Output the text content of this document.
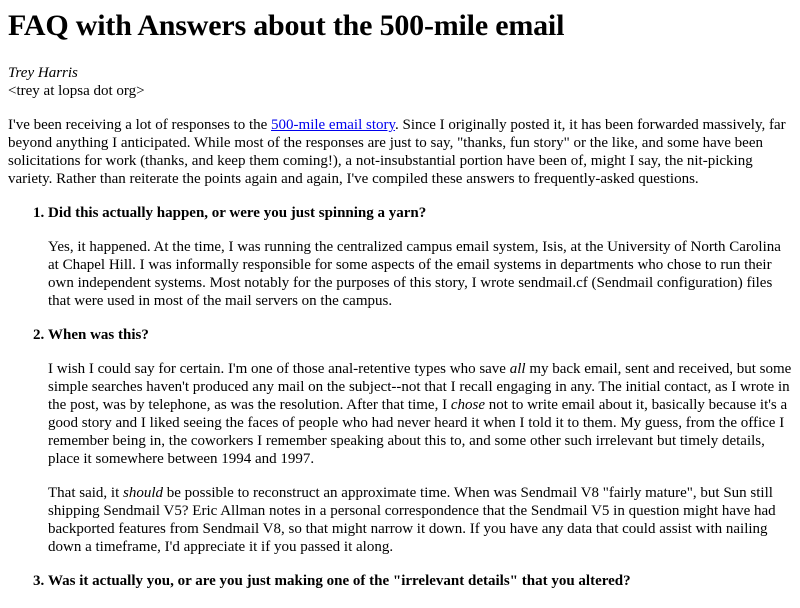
FAQ with Answers about the 500-mile email
Trey Harris
<trey at lopsa dot org>

I've been receiving a lot of responses to the 500-mile email story. Since I originally posted it, it has been forwarded massively, far beyond anything I anticipated. While most of the responses are just to say, "thanks, fun story" or the like, and some have been solicitations for work (thanks, and keep them coming!), a not-insubstantial portion have been of, might I say, the nit-picking variety. Rather than reiterate the points again and again, I've compiled these answers to frequently-asked questions.

1. Did this actually happen, or were you just spinning a yarn?

Yes, it happened. At the time, I was running the centralized campus email system, Isis, at the University of North Carolina at Chapel Hill. I was informally responsible for some aspects of the email systems in departments who chose to run their own independent systems. Most notably for the purposes of this story, I wrote sendmail.cf (Sendmail configuration) files that were used in most of the mail servers on the campus.

2. When was this?

I wish I could say for certain. I'm one of those anal-retentive types who save all my back email, sent and received, but some simple searches haven't produced any mail on the subject--not that I recall engaging in any. The initial contact, as I wrote in the post, was by telephone, as was the resolution. After that time, I chose not to write email about it, basically because it's a good story and I liked seeing the faces of people who had never heard it when I told it to them. My guess, from the office I remember being in, the coworkers I remember speaking about this to, and some other such irrelevant but timely details, place it somewhere between 1994 and 1997.

That said, it should be possible to reconstruct an approximate time. When was Sendmail V8 "fairly mature", but Sun still shipping Sendmail V5? Eric Allman notes in a personal correspondence that the Sendmail V5 in question might have had backported features from Sendmail V8, so that might narrow it down. If you have any data that could assist with nailing down a timeframe, I'd appreciate it if you passed it along.

3. Was it actually you, or are you just making one of the "irrelevant details" that you altered?
